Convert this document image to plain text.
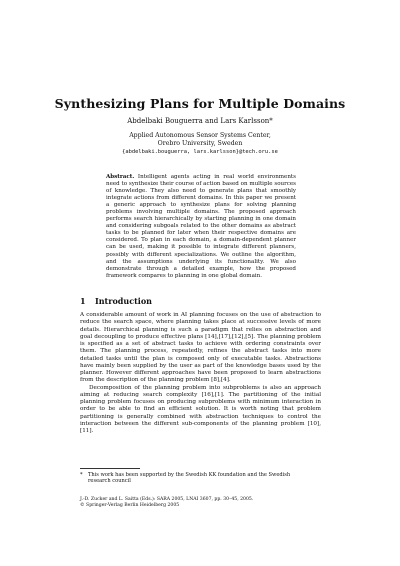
Synthesizing Plans for Multiple Domains
Abdelbaki Bouguerra and Lars Karlsson*
Applied Autonomous Sensor Systems Center,
Orebro University, Sweden
{abdelbaki.bouguerra, lars.karlsson}@tech.oru.se
Abstract. Intelligent agents acting in real world environments need to synthesize their course of action based on multiple sources of knowledge. They also need to generate plans that smoothly integrate actions from different domains. In this paper we present a generic approach to synthesize plans for solving planning problems involving multiple domains. The proposed approach performs search hierarchically by starting planning in one domain and considering subgoals related to the other domains as abstract tasks to be planned for later when their respective domains are considered. To plan in each domain, a domain-dependent planner can be used, making it possible to integrate different planners, possibly with different specializations. We outline the algorithm, and the assumptions underlying its functionality. We also demonstrate through a detailed example, how the proposed framework compares to planning in one global domain.
1 Introduction

A considerable amount of work in AI planning focuses on the use of abstraction to reduce the search space, where planning takes place at successive levels of more details. Hierarchical planning is such a paradigm that relies on abstraction and goal decoupling to produce effective plans [14],[17],[12],[5]. The planning problem is specified as a set of abstract tasks to achieve with ordering constraints over them. The planning process, repeatedly, refines the abstract tasks into more detailed tasks until the plan is composed only of executable tasks. Abstractions have mainly been supplied by the user as part of the knowledge bases used by the planner. However different approaches have been proposed to learn abstractions from the description of the planning problem [8],[4].

Decomposition of the planning problem into subproblems is also an approach aiming at reducing search complexity [16],[1]. The partitioning of the initial planning problem focuses on producing subproblems with minimum interaction in order to be able to find an efficient solution. It is worth noting that problem partitioning is generally combined with abstraction techniques to control the interaction between the different sub-components of the planning problem [10],[11].

* This work has been supported by the Swedish KK foundation and the Swedish
research council
J.-D. Zucker and L. Saitta (Eds.): SARA 2005, LNAI 3607, pp. 30–45, 2005.
© Springer-Verlag Berlin Heidelberg 2005
